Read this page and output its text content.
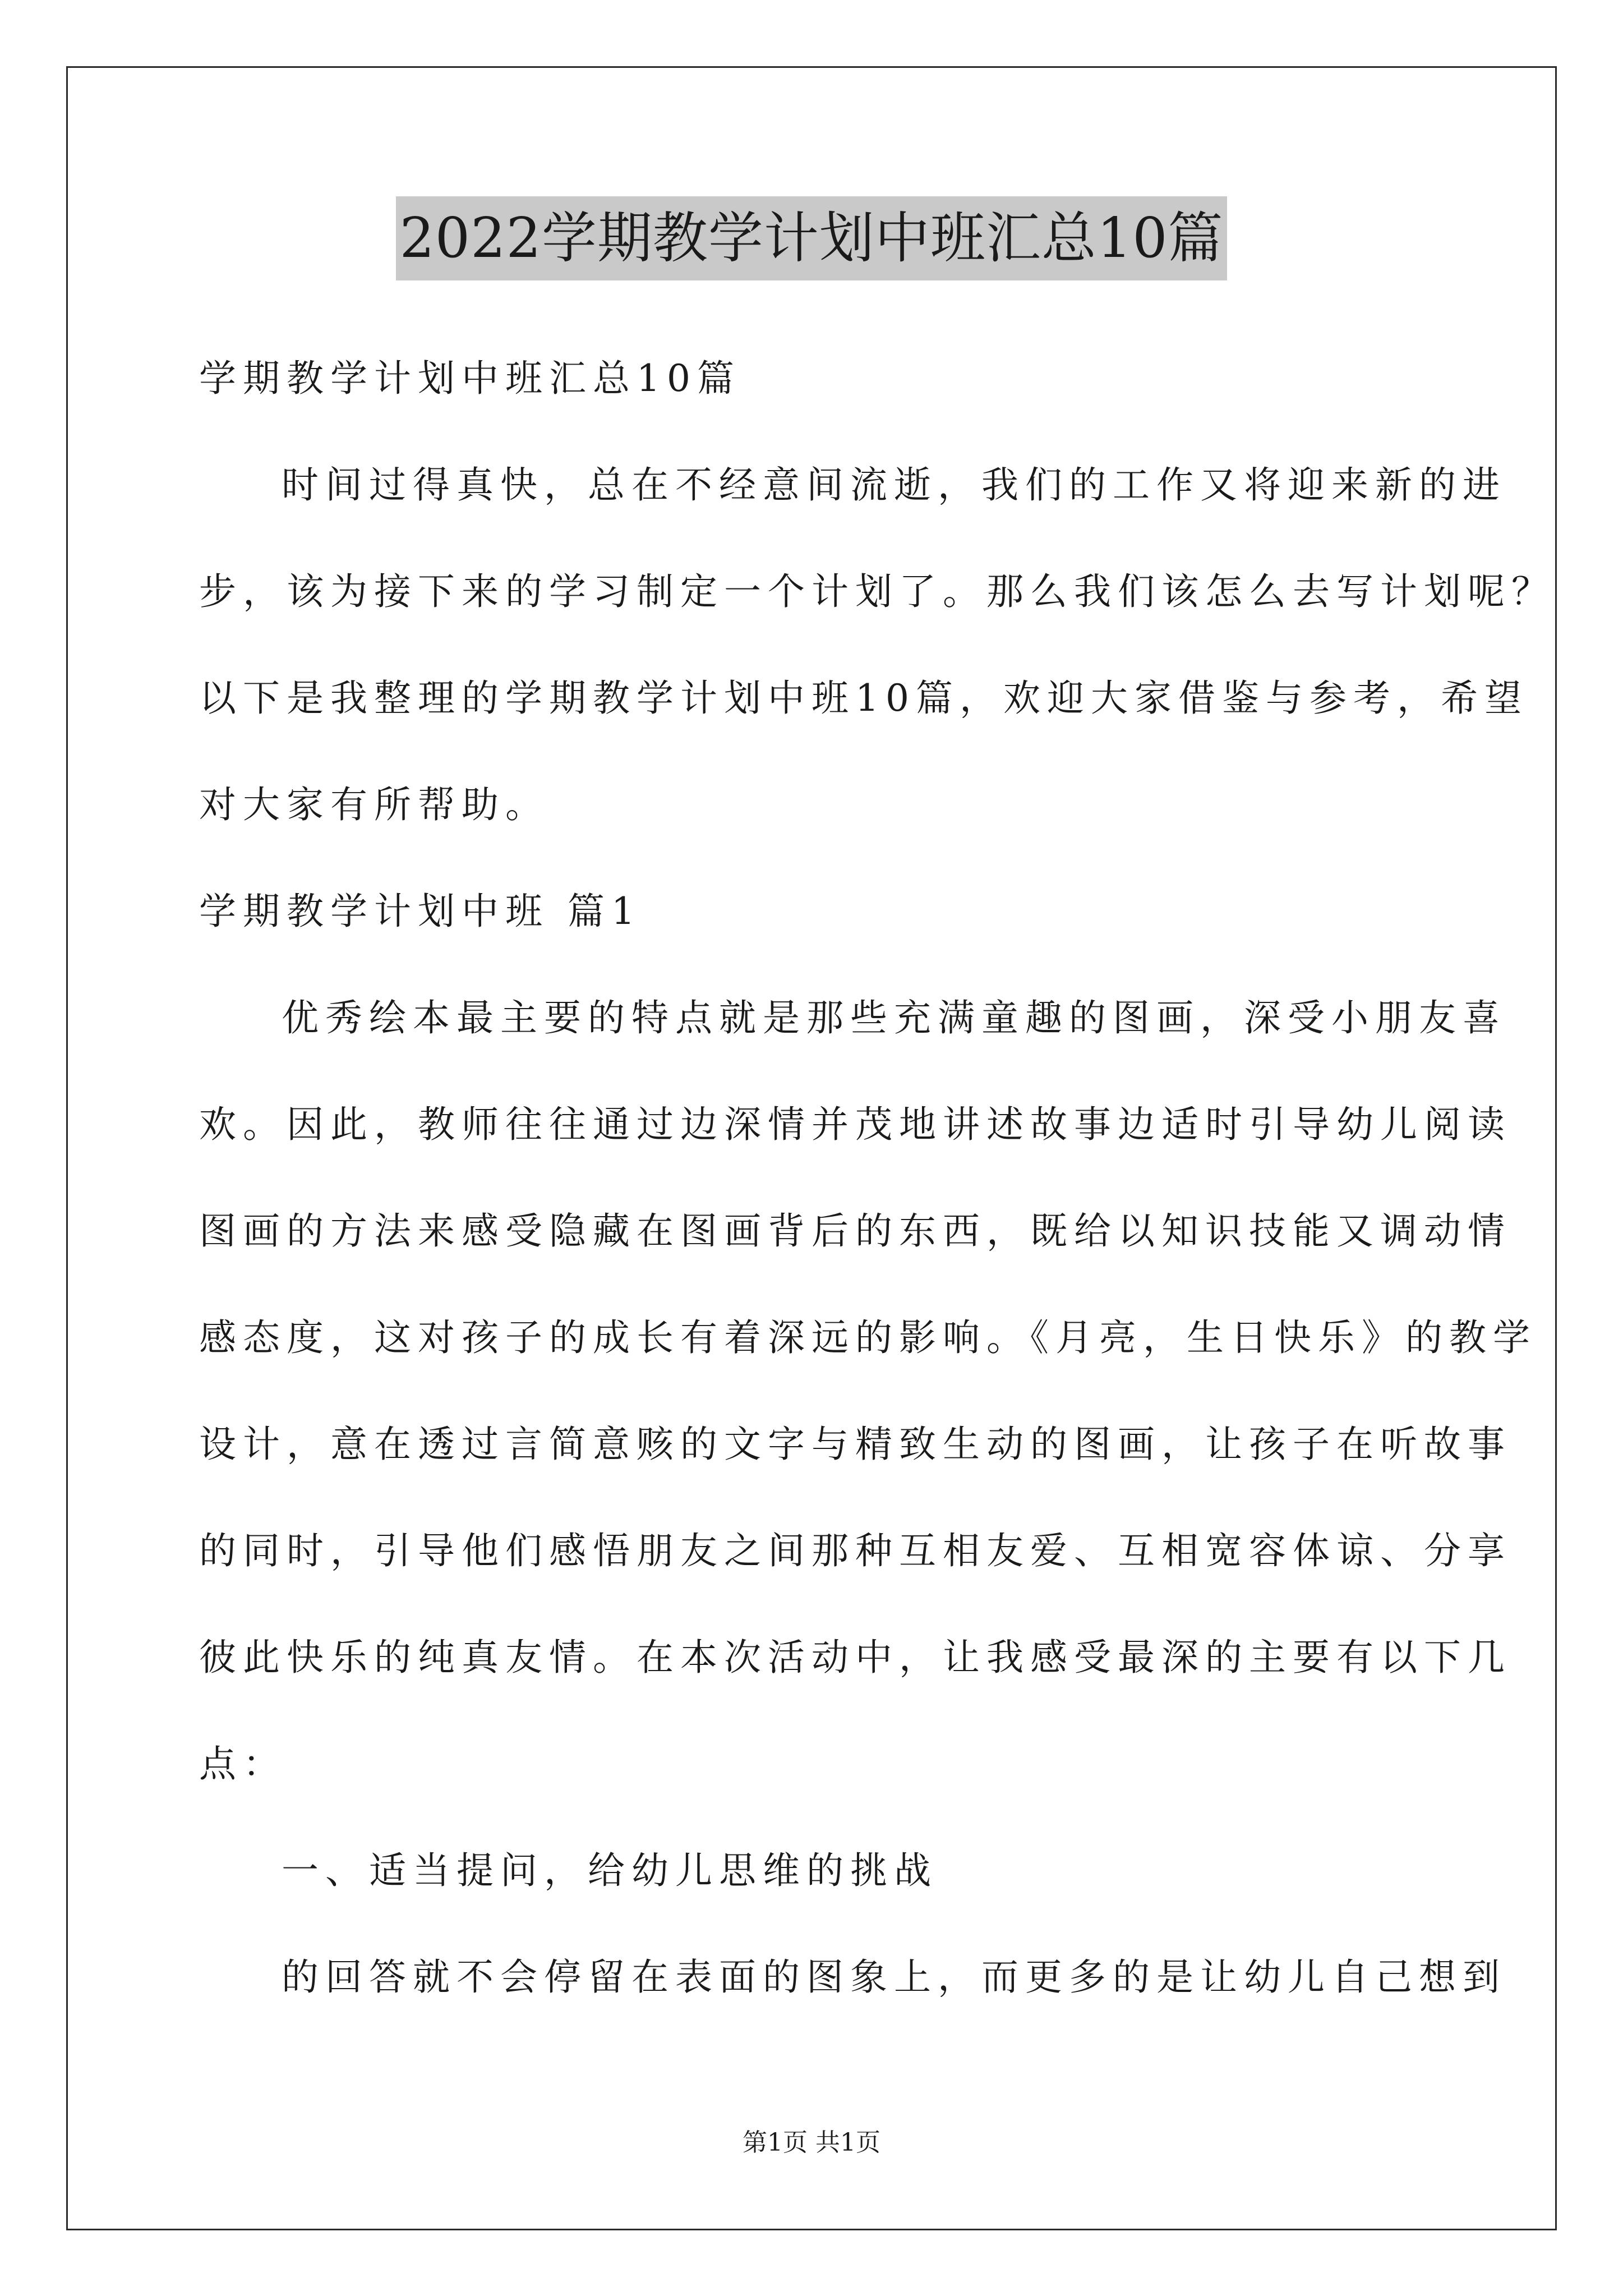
2022学期教学计划中班汇总10篇
学期教学计划中班汇总10篇
时间过得真快，总在不经意间流逝，我们的工作又将迎来新的进
步，该为接下来的学习制定一个计划了。那么我们该怎么去写计划呢？
以下是我整理的学期教学计划中班10篇，欢迎大家借鉴与参考，希望
对大家有所帮助。
学期教学计划中班 篇1
优秀绘本最主要的特点就是那些充满童趣的图画，深受小朋友喜
欢。因此，教师往往通过边深情并茂地讲述故事边适时引导幼儿阅读
图画的方法来感受隐藏在图画背后的东西，既给以知识技能又调动情
感态度，这对孩子的成长有着深远的影响。《月亮，生日快乐》的教学
设计，意在透过言简意赅的文字与精致生动的图画，让孩子在听故事
的同时，引导他们感悟朋友之间那种互相友爱、互相宽容体谅、分享
彼此快乐的纯真友情。在本次活动中，让我感受最深的主要有以下几
点：
一、适当提问，给幼儿思维的挑战
的回答就不会停留在表面的图象上，而更多的是让幼儿自己想到
第1页 共1页
